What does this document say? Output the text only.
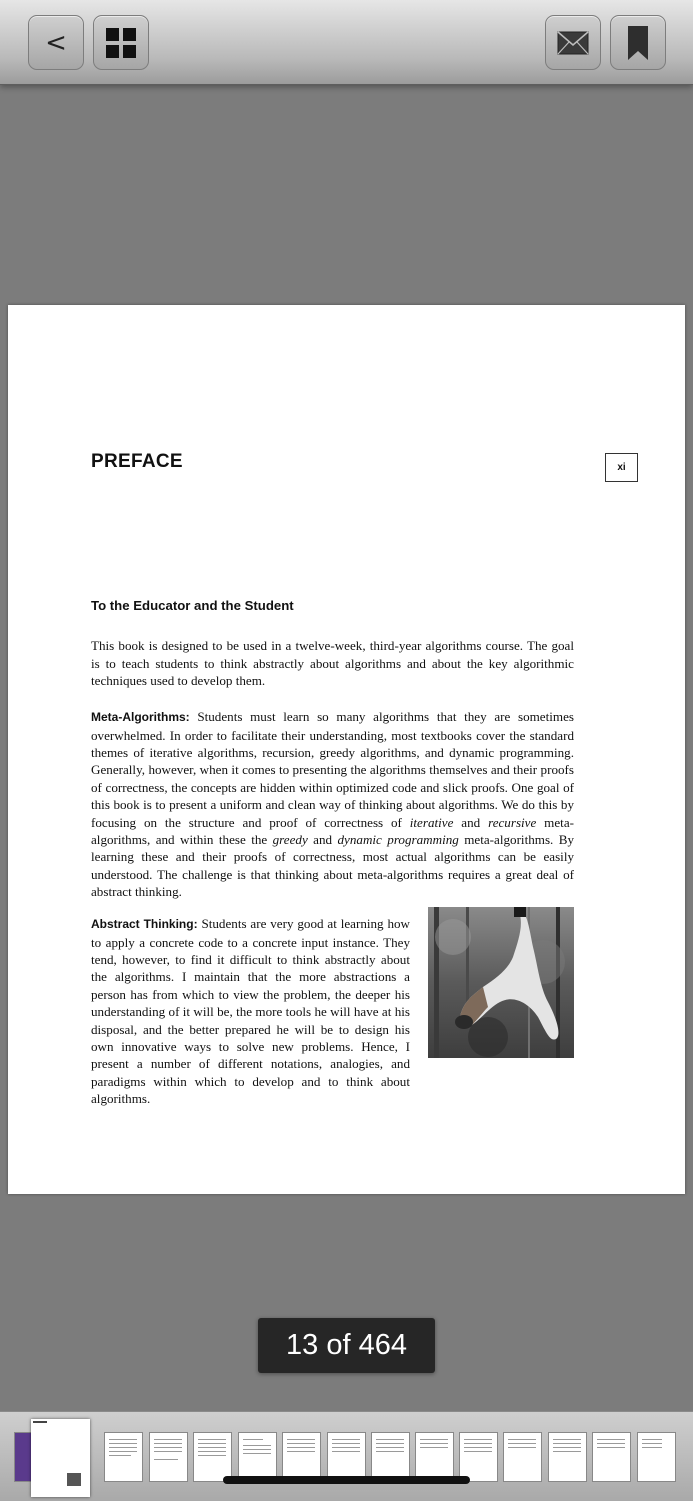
<
PREFACE	xi
To the Educator and the Student

This book is designed to be used in a twelve-week, third-year algorithms course. The goal is to teach students to think abstractly about algorithms and about the key algorithmic techniques used to develop them.

Meta-Algorithms: Students must learn so many algorithms that they are sometimes overwhelmed. In order to facilitate their understanding, most textbooks cover the standard themes of iterative algorithms, recursion, greedy algorithms, and dynamic programming. Generally, however, when it comes to presenting the algorithms themselves and their proofs of correctness, the concepts are hidden within optimized code and slick proofs. One goal of this book is to present a uniform and clean way of thinking about algorithms. We do this by focusing on the structure and proof of correctness of iterative and recursive meta-algorithms, and within these the greedy and dynamic programming meta-algorithms. By learning these and their proofs of correctness, most actual algorithms can be easily understood. The challenge is that thinking about meta-algorithms requires a great deal of abstract thinking.

Abstract Thinking: Students are very good at learning how to apply a concrete code to a concrete input instance. They tend, however, to find it difficult to think abstractly about the algorithms. I maintain that the more abstractions a person has from which to view the problem, the deeper his understanding of it will be, the more tools he will have at his disposal, and the better prepared he will be to design his own innovative ways to solve new problems. Hence, I present a number of different notations, analogies, and paradigms within which to develop and to think about algorithms.

13
of
464
